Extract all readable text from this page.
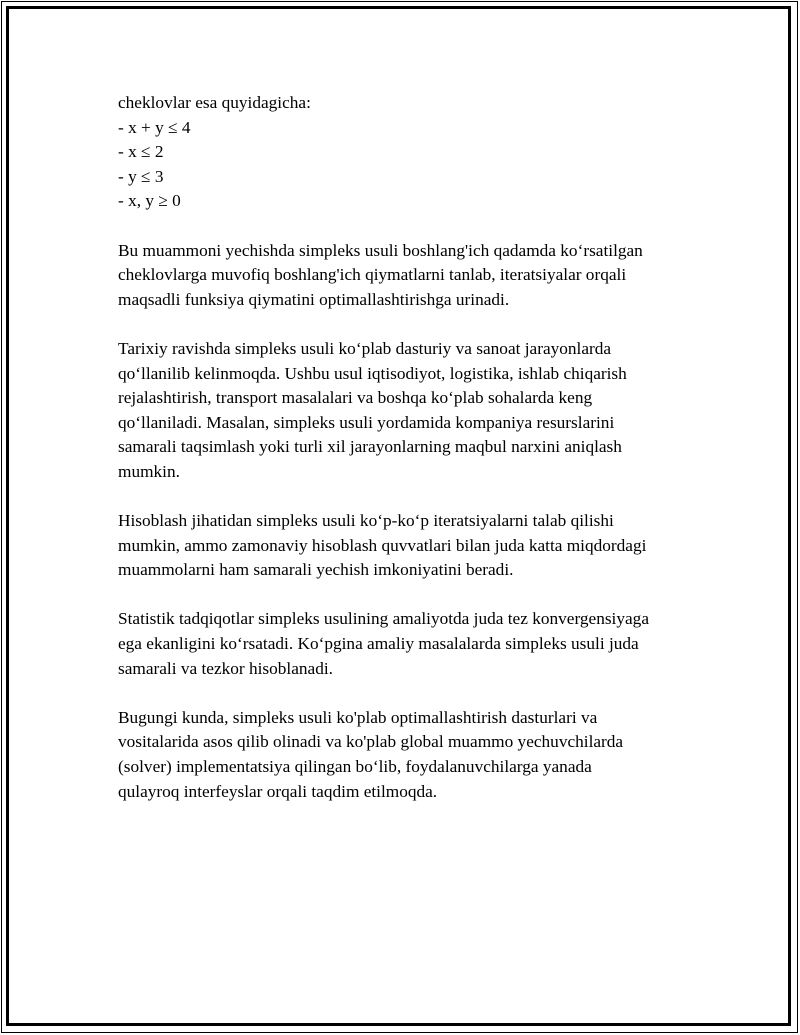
cheklovlar esa quyidagicha:
- x + y ≤ 4
- x ≤ 2
- y ≤ 3
- x, y ≥ 0
Bu muammoni yechishda simpleks usuli boshlang'ich qadamda ko‘rsatilgan
cheklovlarga muvofiq boshlang'ich qiymatlarni tanlab, iteratsiyalar orqali
maqsadli funksiya qiymatini optimallashtirishga urinadi.
Tarixiy ravishda simpleks usuli ko‘plab dasturiy va sanoat jarayonlarda
qo‘llanilib kelinmoqda. Ushbu usul iqtisodiyot, logistika, ishlab chiqarish
rejalashtirish, transport masalalari va boshqa ko‘plab sohalarda keng
qo‘llaniladi. Masalan, simpleks usuli yordamida kompaniya resurslarini
samarali taqsimlash yoki turli xil jarayonlarning maqbul narxini aniqlash
mumkin.
Hisoblash jihatidan simpleks usuli ko‘p-ko‘p iteratsiyalarni talab qilishi
mumkin, ammo zamonaviy hisoblash quvvatlari bilan juda katta miqdordagi
muammolarni ham samarali yechish imkoniyatini beradi.
Statistik tadqiqotlar simpleks usulining amaliyotda juda tez konvergensiyaga
ega ekanligini ko‘rsatadi. Ko‘pgina amaliy masalalarda simpleks usuli juda
samarali va tezkor hisoblanadi.
Bugungi kunda, simpleks usuli ko'plab optimallashtirish dasturlari va
vositalarida asos qilib olinadi va ko'plab global muammo yechuvchilarda
(solver) implementatsiya qilingan bo‘lib, foydalanuvchilarga yanada
qulayroq interfeyslar orqali taqdim etilmoqda.
